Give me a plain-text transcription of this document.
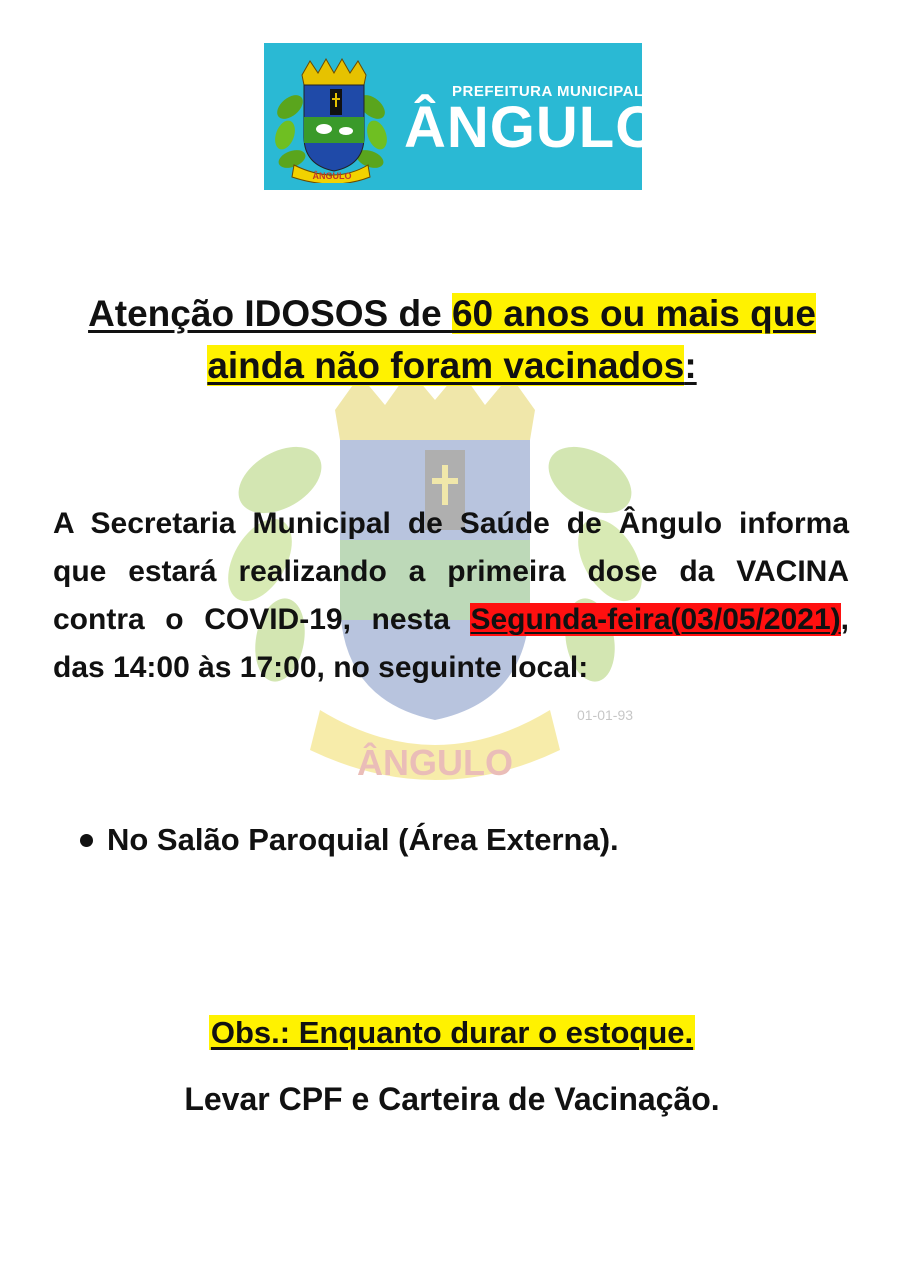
ÂNGULO
01-01-93
ÂNGULO
PREFEITURA MUNICIPAL
ÂNGULO
Atenção IDOSOS de 60 anos ou mais que ainda não foram vacinados:
A Secretaria Municipal de Saúde de Ângulo informa que estará realizando a primeira dose da VACINA contra o COVID-19, nesta Segunda-feira(03/05/2021), das 14:00 às 17:00, no seguinte local:
No Salão Paroquial (Área Externa).
Obs.: Enquanto durar o estoque.
Levar CPF e Carteira de Vacinação.
